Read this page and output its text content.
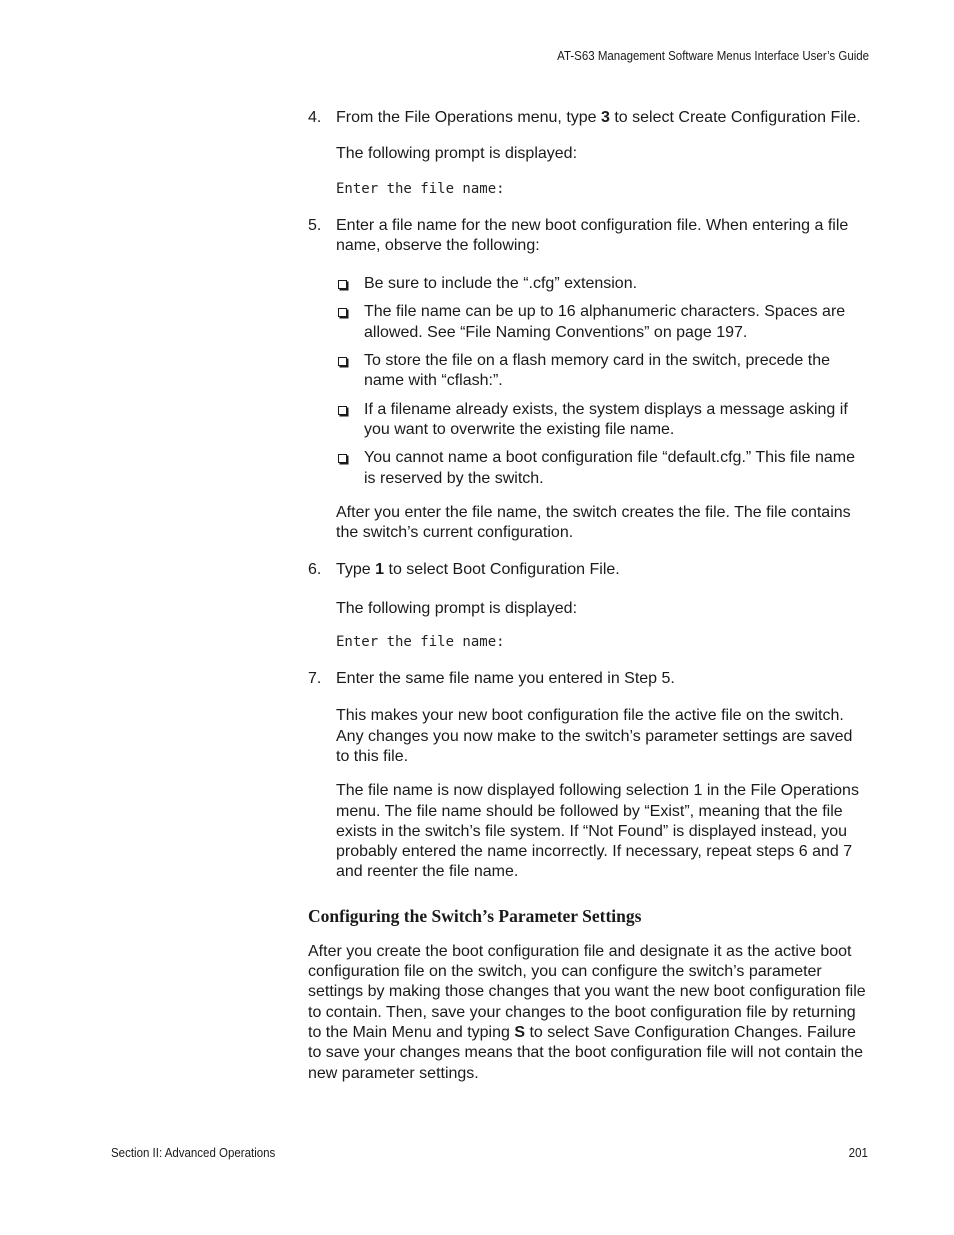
AT-S63 Management Software Menus Interface User’s Guide
4. From the File Operations menu, type 3 to select Create Configuration File.

The following prompt is displayed:

Enter the file name:

5. Enter a file name for the new boot configuration file. When entering a file name, observe the following:

Be sure to include the “.cfg” extension.
The file name can be up to 16 alphanumeric characters. Spaces are allowed. See “File Naming Conventions” on page 197.
To store the file on a flash memory card in the switch, precede the name with “cflash:”.
If a filename already exists, the system displays a message asking if you want to overwrite the existing file name.
You cannot name a boot configuration file “default.cfg.” This file name is reserved by the switch.

After you enter the file name, the switch creates the file. The file contains the switch’s current configuration.

6. Type 1 to select Boot Configuration File.

The following prompt is displayed:

Enter the file name:

7. Enter the same file name you entered in Step 5.

This makes your new boot configuration file the active file on the switch. Any changes you now make to the switch’s parameter settings are saved to this file.

The file name is now displayed following selection 1 in the File Operations menu. The file name should be followed by “Exist”, meaning that the file exists in the switch’s file system. If “Not Found” is displayed instead, you probably entered the name incorrectly. If necessary, repeat steps 6 and 7 and reenter the file name.

Configuring the Switch’s Parameter Settings

After you create the boot configuration file and designate it as the active boot configuration file on the switch, you can configure the switch’s parameter settings by making those changes that you want the new boot configuration file to contain. Then, save your changes to the boot configuration file by returning to the Main Menu and typing S to select Save Configuration Changes. Failure to save your changes means that the boot configuration file will not contain the new parameter settings.

Section II: Advanced Operations	201
